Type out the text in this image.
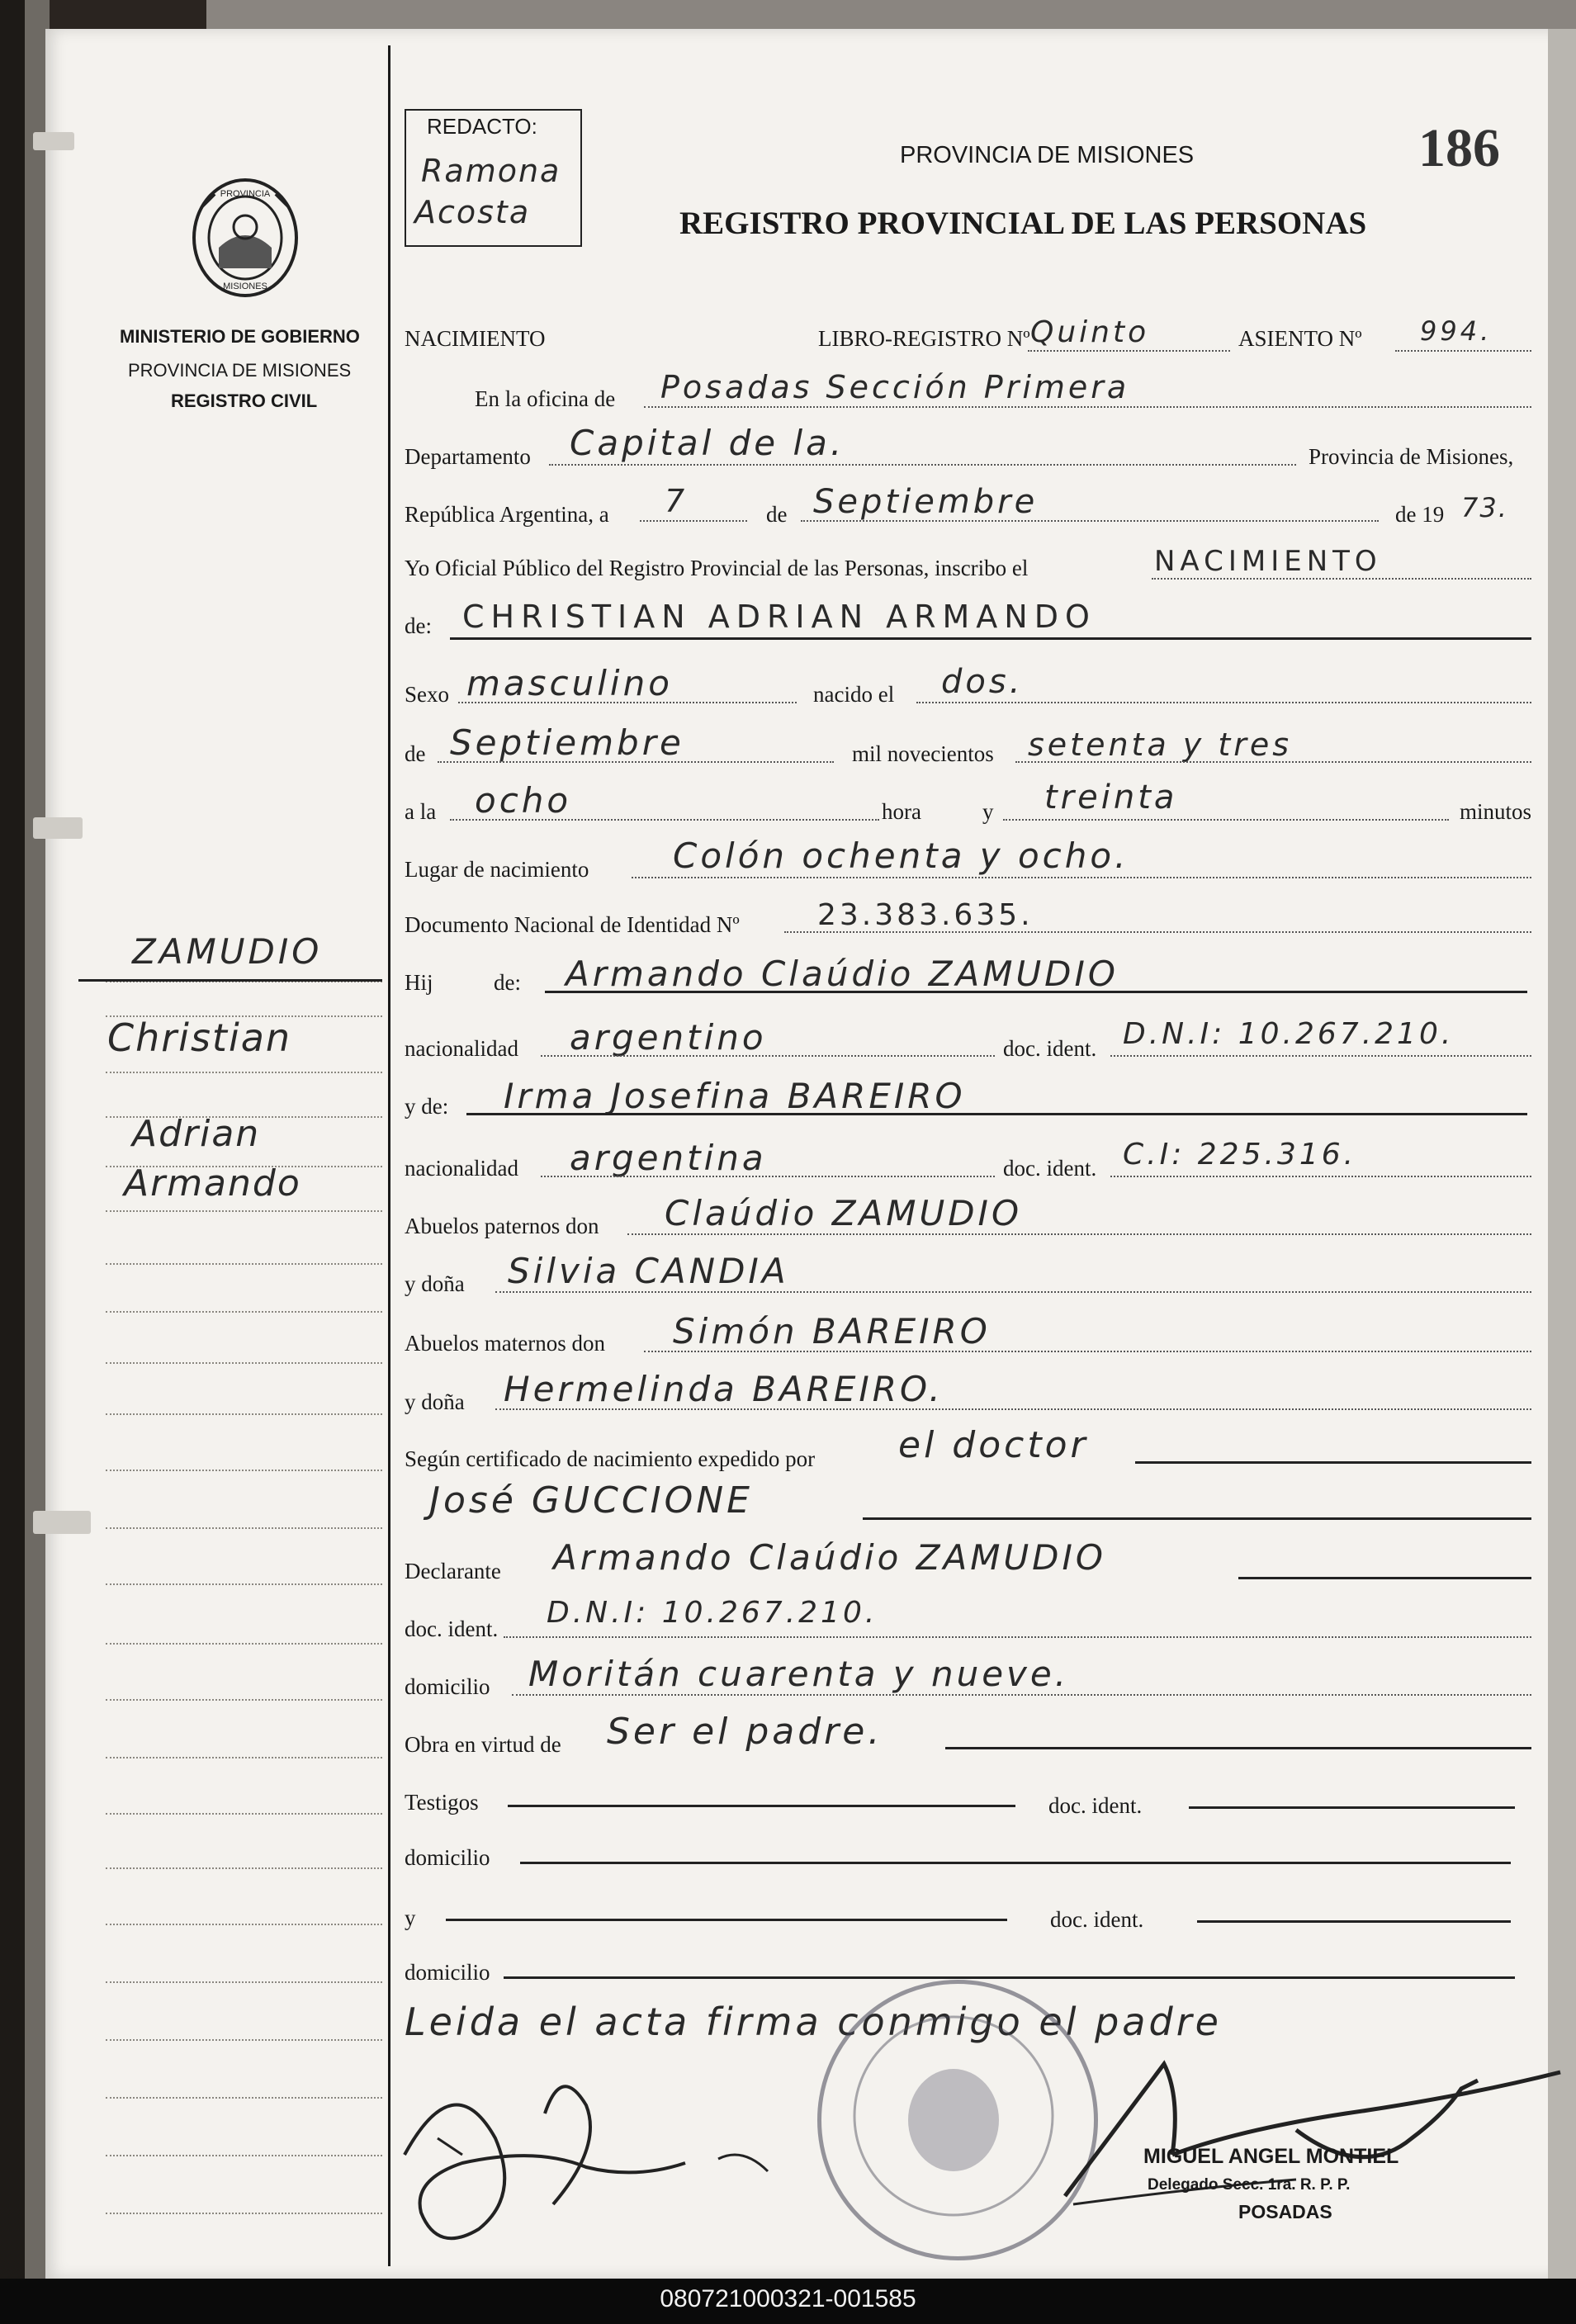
PROVINCIA
MISIONES
MINISTERIO DE GOBIERNO
PROVINCIA DE MISIONES
REGISTRO CIVIL
REDACTO:
Ramona
Acosta
186
PROVINCIA DE MISIONES
REGISTRO PROVINCIAL DE LAS PERSONAS
ZAMUDIO
Christian
Adrian
Armando
NACIMIENTO	LIBRO-REGISTRO Nº Quinto	ASIENTO Nº 994.
En la oficina de Posadas Sección Primera
Departamento Capital de la.	Provincia de Misiones,
República Argentina, a 7	de Septiembre	de 19 73.
Yo Oficial Público del Registro Provincial de las Personas, inscribo el	NACIMIENTO
de: CHRISTIAN ADRIAN ARMANDO
Sexo masculino	nacido el dos.
de Septiembre	mil novecientos setenta y tres
a la ocho	hora	y treinta	minutos
Lugar de nacimiento Colón ochenta y ocho.
Documento Nacional de Identidad Nº	23.383.635.
Hij	de: Armando Claúdio ZAMUDIO
nacionalidad argentino	doc. ident. D.N.I: 10.267.210.
y de: Irma Josefina BAREIRO
nacionalidad argentina	doc. ident. C.I: 225.316.
Abuelos paternos don Claúdio ZAMUDIO
y doña Silvia CANDIA
Abuelos maternos don Simón BAREIRO
y doña Hermelinda BAREIRO.
Según certificado de nacimiento expedido por el doctor
José GUCCIONE
Declarante Armando Claúdio ZAMUDIO
doc. ident. D.N.I: 10.267.210.
domicilio Moritán cuarenta y nueve.
Obra en virtud de Ser el padre.
Testigos	doc. ident.
domicilio
y	doc. ident.
domicilio
Leida el acta firma conmigo el padre
MIGUEL ANGEL MONTIEL
Delegado Secc. 1ra. R. P. P.
POSADAS
080721000321-001585
